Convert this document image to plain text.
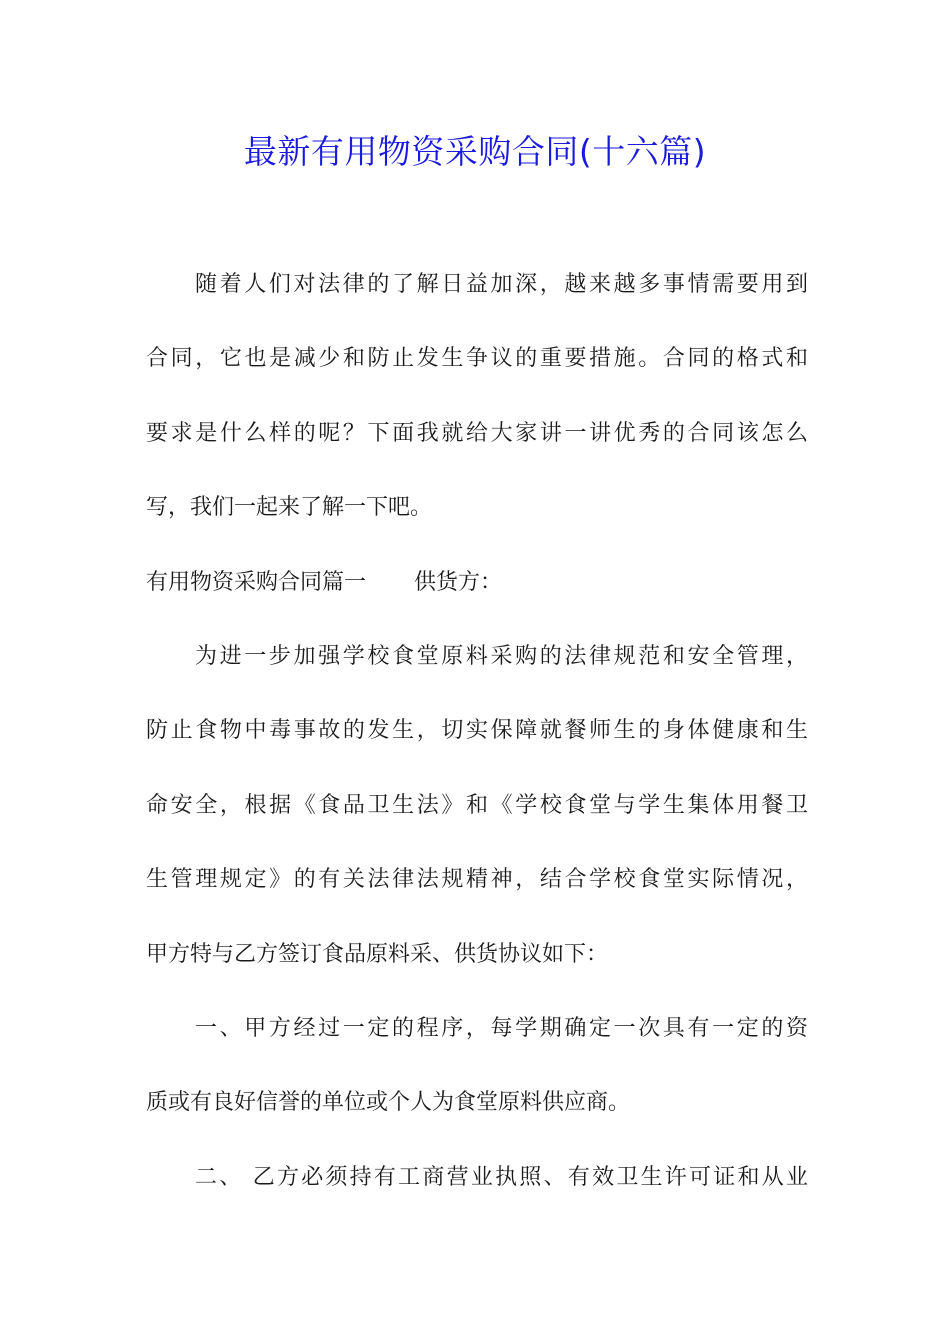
最新有用物资采购合同(十六篇)
随着人们对法律的了解日益加深，越来越多事情需要用到
合同，它也是减少和防止发生争议的重要措施。合同的格式和
要求是什么样的呢？下面我就给大家讲一讲优秀的合同该怎么
写，我们一起来了解一下吧。
有用物资采购合同篇一 供货方：
为进一步加强学校食堂原料采购的法律规范和安全管理，
防止食物中毒事故的发生，切实保障就餐师生的身体健康和生
命安全，根据《食品卫生法》和《学校食堂与学生集体用餐卫
生管理规定》的有关法律法规精神，结合学校食堂实际情况，
甲方特与乙方签订食品原料采、供货协议如下：
一、甲方经过一定的程序，每学期确定一次具有一定的资
质或有良好信誉的单位或个人为食堂原料供应商。
二、 乙方必须持有工商营业执照、有效卫生许可证和从业
